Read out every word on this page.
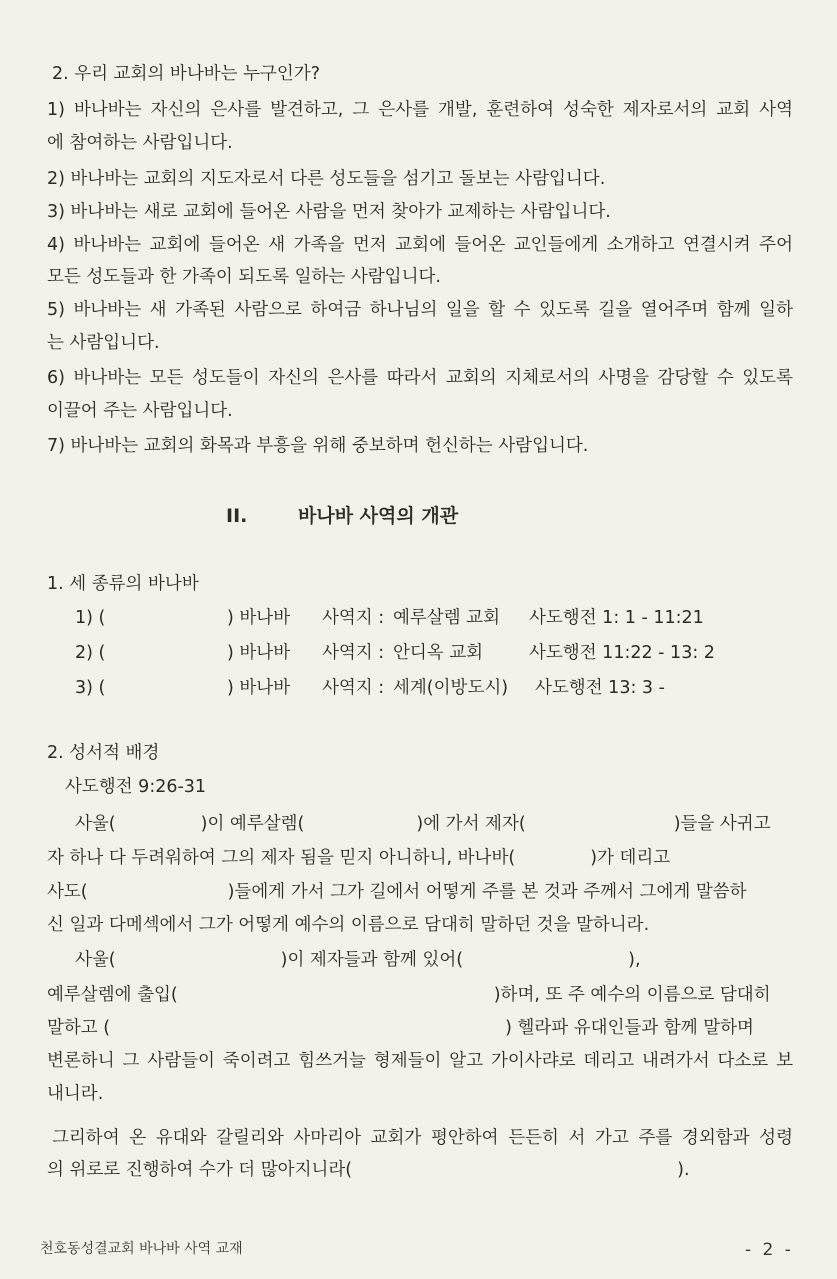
2. 우리 교회의 바나바는 누구인가?
1) 바나바는 자신의 은사를 발견하고, 그 은사를 개발, 훈련하여 성숙한 제자로서의 교회 사역
에 참여하는 사람입니다.
2) 바나바는 교회의 지도자로서 다른 성도들을 섬기고 돌보는 사람입니다.
3) 바나바는 새로 교회에 들어온 사람을 먼저 찾아가 교제하는 사람입니다.
4) 바나바는 교회에 들어온 새 가족을 먼저 교회에 들어온 교인들에게 소개하고 연결시켜 주어
모든 성도들과 한 가족이 되도록 일하는 사람입니다.
5) 바나바는 새 가족된 사람으로 하여금 하나님의 일을 할 수 있도록 길을 열어주며 함께 일하
는 사람입니다.
6) 바나바는 모든 성도들이 자신의 은사를 따라서 교회의 지체로서의 사명을 감당할 수 있도록
이끌어 주는 사람입니다.
7) 바나바는 교회의 화목과 부흥을 위해 중보하며 헌신하는 사람입니다.
II.	바나바 사역의 개관
1. 세 종류의 바나바
1) (	) 바나바 사역지 : 예루살렘 교회 사도행전 1: 1 - 11:21
2) (	) 바나바 사역지 : 안디옥 교회	사도행전 11:22 - 13: 2
3) (	) 바나바 사역지 : 세계(이방도시) 사도행전 13: 3 -
2. 성서적 배경
사도행전 9:26-31
사울(	)이 예루살렘(	)에 가서 제자(	)들을 사귀고
자 하나 다 두려워하여 그의 제자 됨을 믿지 아니하니, 바나바(	)가 데리고
사도(	)들에게 가서 그가 길에서 어떻게 주를 본 것과 주께서 그에게 말씀하
신 일과 다메섹에서 그가 어떻게 예수의 이름으로 담대히 말하던 것을 말하니라.
사울(	)이 제자들과 함께 있어(	),
예루살렘에 출입(	)하며, 또 주 예수의 이름으로 담대히
말하고 (	) 헬라파 유대인들과 함께 말하며
변론하니 그 사람들이 죽이려고 힘쓰거늘 형제들이 알고 가이사랴로 데리고 내려가서 다소로 보
내니라.
그리하여 온 유대와 갈릴리와 사마리아 교회가 평안하여 든든히 서 가고 주를 경외함과 성령
의 위로로 진행하여 수가 더 많아지니라(	).
천호동성결교회 바나바 사역 교재	- 2 -
